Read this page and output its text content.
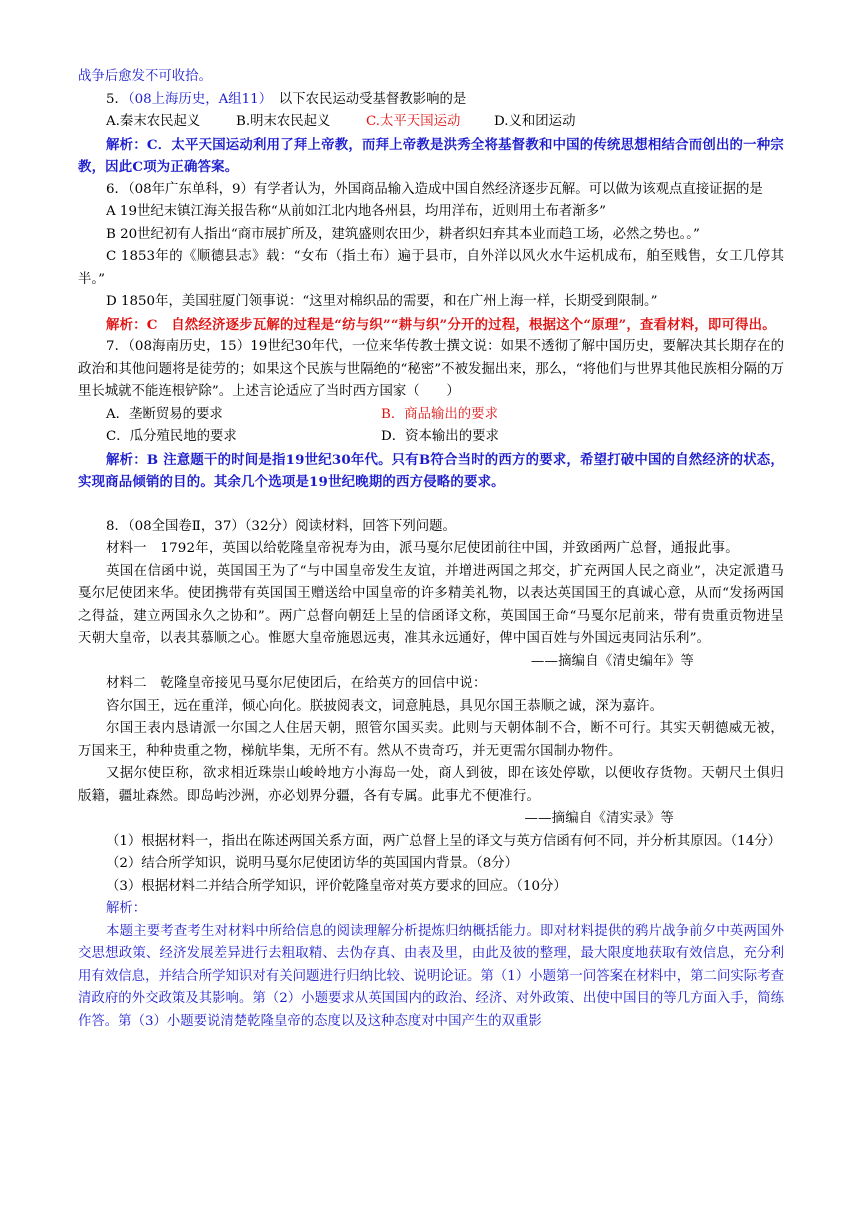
战争后愈发不可收拾。

5．（08上海历史，A组11）　 以下农民运动受基督教影响的是

A.秦末农民起义	B.明末农民起义	C.太平天国运动	D.义和团运动

解析：C．太平天国运动利用了拜上帝教，而拜上帝教是洪秀全将基督教和中国的传统思想相结合而创出的一种宗教，因此C项为正确答案。

6．（08年广东单科，9）有学者认为，外国商品输入造成中国自然经济逐步瓦解。可以做为该观点直接证据的是

A 19世纪末镇江海关报告称“从前如江北内地各州县，均用洋布，近则用土布者渐多”

B 20世纪初有人指出“商市展扩所及，建筑盛则农田少，耕者织妇弃其本业而趋工场，必然之势也。。”

C 1853年的《顺德县志》载：“女布（指土布）遍于县市，自外洋以风火水牛运机成布，舶至贱售，女工几停其半。”

D 1850年，美国驻厦门领事说：“这里对棉织品的需要，和在广州上海一样，长期受到限制。”

解析：C　自然经济逐步瓦解的过程是“纺与织”“耕与织”分开的过程，根据这个“原理”，查看材料，即可得出。

7．（08海南历史，15）19世纪30年代，一位来华传教士撰文说：如果不透彻了解中国历史，要解决其长期存在的政治和其他问题将是徒劳的；如果这个民族与世隔绝的“秘密”不被发掘出来，那么，“将他们与世界其他民族相分隔的万里长城就不能连根铲除”。上述言论适应了当时西方国家（　　）

A．垄断贸易的要求	B．商品输出的要求
C．瓜分殖民地的要求	D．资本输出的要求

解析：B 注意题干的时间是指19世纪30年代。只有B符合当时的西方的要求，希望打破中国的自然经济的状态，实现商品倾销的目的。其余几个选项是19世纪晚期的西方侵略的要求。

8．（08全国卷Ⅱ，37）（32分）阅读材料，回答下列问题。

材料一　1792年，英国以给乾隆皇帝祝寿为由，派马戛尔尼使团前往中国，并致函两广总督，通报此事。

英国在信函中说，英国国王为了“与中国皇帝发生友谊，并增进两国之邦交，扩充两国人民之商业”，决定派遣马戛尔尼使团来华。使团携带有英国国王赠送给中国皇帝的许多精美礼物，以表达英国国王的真诚心意，从而“发扬两国之得益，建立两国永久之协和”。两广总督向朝廷上呈的信函译文称，英国国王命“马戛尔尼前来，带有贵重贡物进呈天朝大皇帝，以表其慕顺之心。惟愿大皇帝施恩远夷，准其永远通好，俾中国百姓与外国远夷同沾乐利”。

——摘编自《清史编年》等

材料二　乾隆皇帝接见马戛尔尼使团后，在给英方的回信中说：

咨尔国王，远在重洋，倾心向化。朕披阅表文，词意肫恳，具见尔国王恭顺之诚，深为嘉许。

尔国王表内恳请派一尔国之人住居天朝，照管尔国买卖。此则与天朝体制不合，断不可行。其实天朝德威无被，万国来王，种种贵重之物，梯航毕集，无所不有。然从不贵奇巧，并无更需尔国制办物件。

又据尔使臣称，欲求相近珠崇山峻岭地方小海岛一处，商人到彼，即在该处停歇，以便收存货物。天朝尺土俱归版籍，疆址森然。即岛屿沙洲，亦必划界分疆，各有专属。此事尤不便准行。

——摘编自《清实录》等

（1）根据材料一，指出在陈述两国关系方面，两广总督上呈的译文与英方信函有何不同，并分析其原因。（14分）

（2）结合所学知识，说明马戛尔尼使团访华的英国国内背景。（8分）

（3）根据材料二并结合所学知识，评价乾隆皇帝对英方要求的回应。（10分）

解析：

本题主要考查考生对材料中所给信息的阅读理解分析提炼归纳概括能力。即对材料提供的鸦片战争前夕中英两国外交思想政策、经济发展差异进行去粗取精、去伪存真、由表及里，由此及彼的整理，最大限度地获取有效信息，充分利用有效信息，并结合所学知识对有关问题进行归纳比较、说明论证。第（1）小题第一问答案在材料中，第二问实际考查清政府的外交政策及其影响。第（2）小题要求从英国国内的政治、经济、对外政策、出使中国目的等几方面入手，简练作答。第（3）小题要说清楚乾隆皇帝的态度以及这种态度对中国产生的双重影
